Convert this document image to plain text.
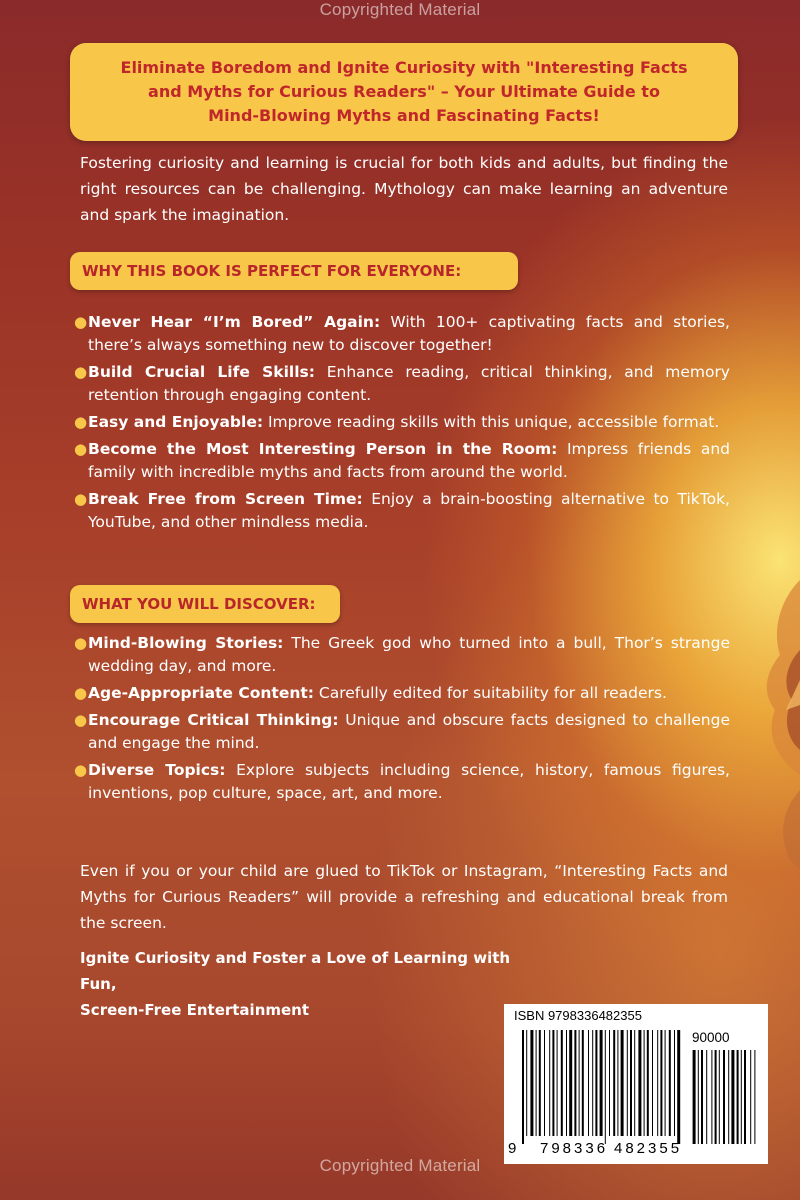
Copyrighted Material
Eliminate Boredom and Ignite Curiosity with "Interesting Facts
and Myths for Curious Readers" – Your Ultimate Guide to
Mind-Blowing Myths and Fascinating Facts!
Fostering curiosity and learning is crucial for both kids and adults, but finding the right resources can be challenging. Mythology can make learning an adventure and spark the imagination.
WHY THIS BOOK IS PERFECT FOR EVERYONE:
● Never Hear “I’m Bored” Again: With 100+ captivating facts and stories, there’s always something new to discover together!
● Build Crucial Life Skills: Enhance reading, critical thinking, and memory retention through engaging content.
● Easy and Enjoyable: Improve reading skills with this unique, accessible format.
● Become the Most Interesting Person in the Room: Impress friends and family with incredible myths and facts from around the world.
● Break Free from Screen Time: Enjoy a brain-boosting alternative to TikTok, YouTube, and other mindless media.
WHAT YOU WILL DISCOVER:
● Mind-Blowing Stories: The Greek god who turned into a bull, Thor’s strange wedding day, and more.
● Age-Appropriate Content: Carefully edited for suitability for all readers.
● Encourage Critical Thinking: Unique and obscure facts designed to challenge and engage the mind.
● Diverse Topics: Explore subjects including science, history, famous figures, inventions, pop culture, space, art, and more.
Even if you or your child are glued to TikTok or Instagram, “Interesting Facts and Myths for Curious Readers” will provide a refreshing and educational break from the screen.
Ignite Curiosity and Foster a Love of Learning with Fun,
Screen-Free Entertainment	ISBN 9798336482355
90000
9 798336 482355
Copyrighted Material
